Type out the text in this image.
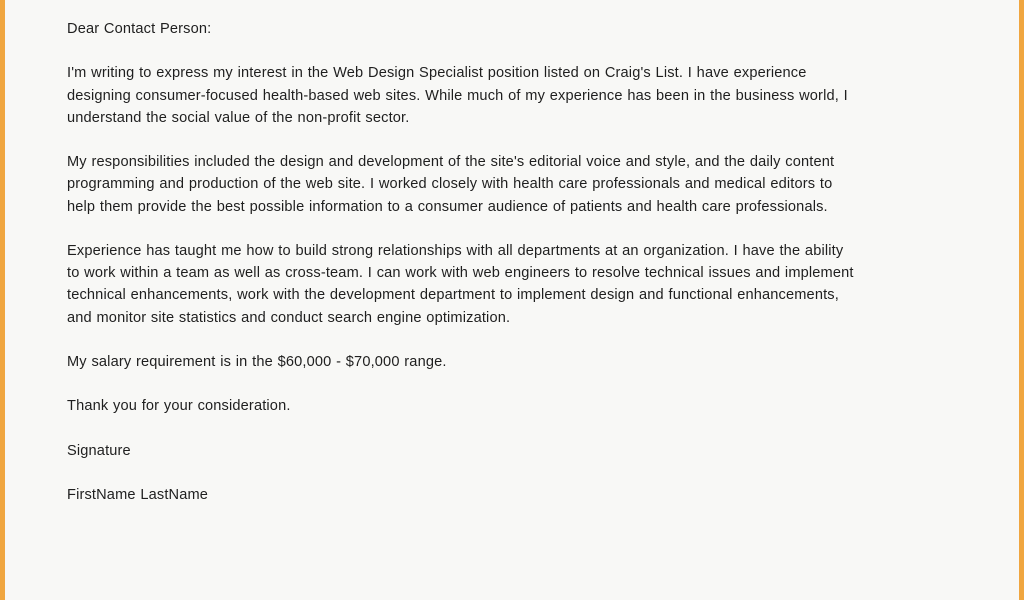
Dear Contact Person:

I'm writing to express my interest in the Web Design Specialist position listed on Craig's List. I have experience
designing consumer-focused health-based web sites. While much of my experience has been in the business world, I
understand the social value of the non-profit sector.

My responsibilities included the design and development of the site's editorial voice and style, and the daily content
programming and production of the web site. I worked closely with health care professionals and medical editors to
help them provide the best possible information to a consumer audience of patients and health care professionals.

Experience has taught me how to build strong relationships with all departments at an organization. I have the ability
to work within a team as well as cross-team. I can work with web engineers to resolve technical issues and implement
technical enhancements, work with the development department to implement design and functional enhancements,
and monitor site statistics and conduct search engine optimization.

My salary requirement is in the $60,000 - $70,000 range.

Thank you for your consideration.

Signature

FirstName LastName
